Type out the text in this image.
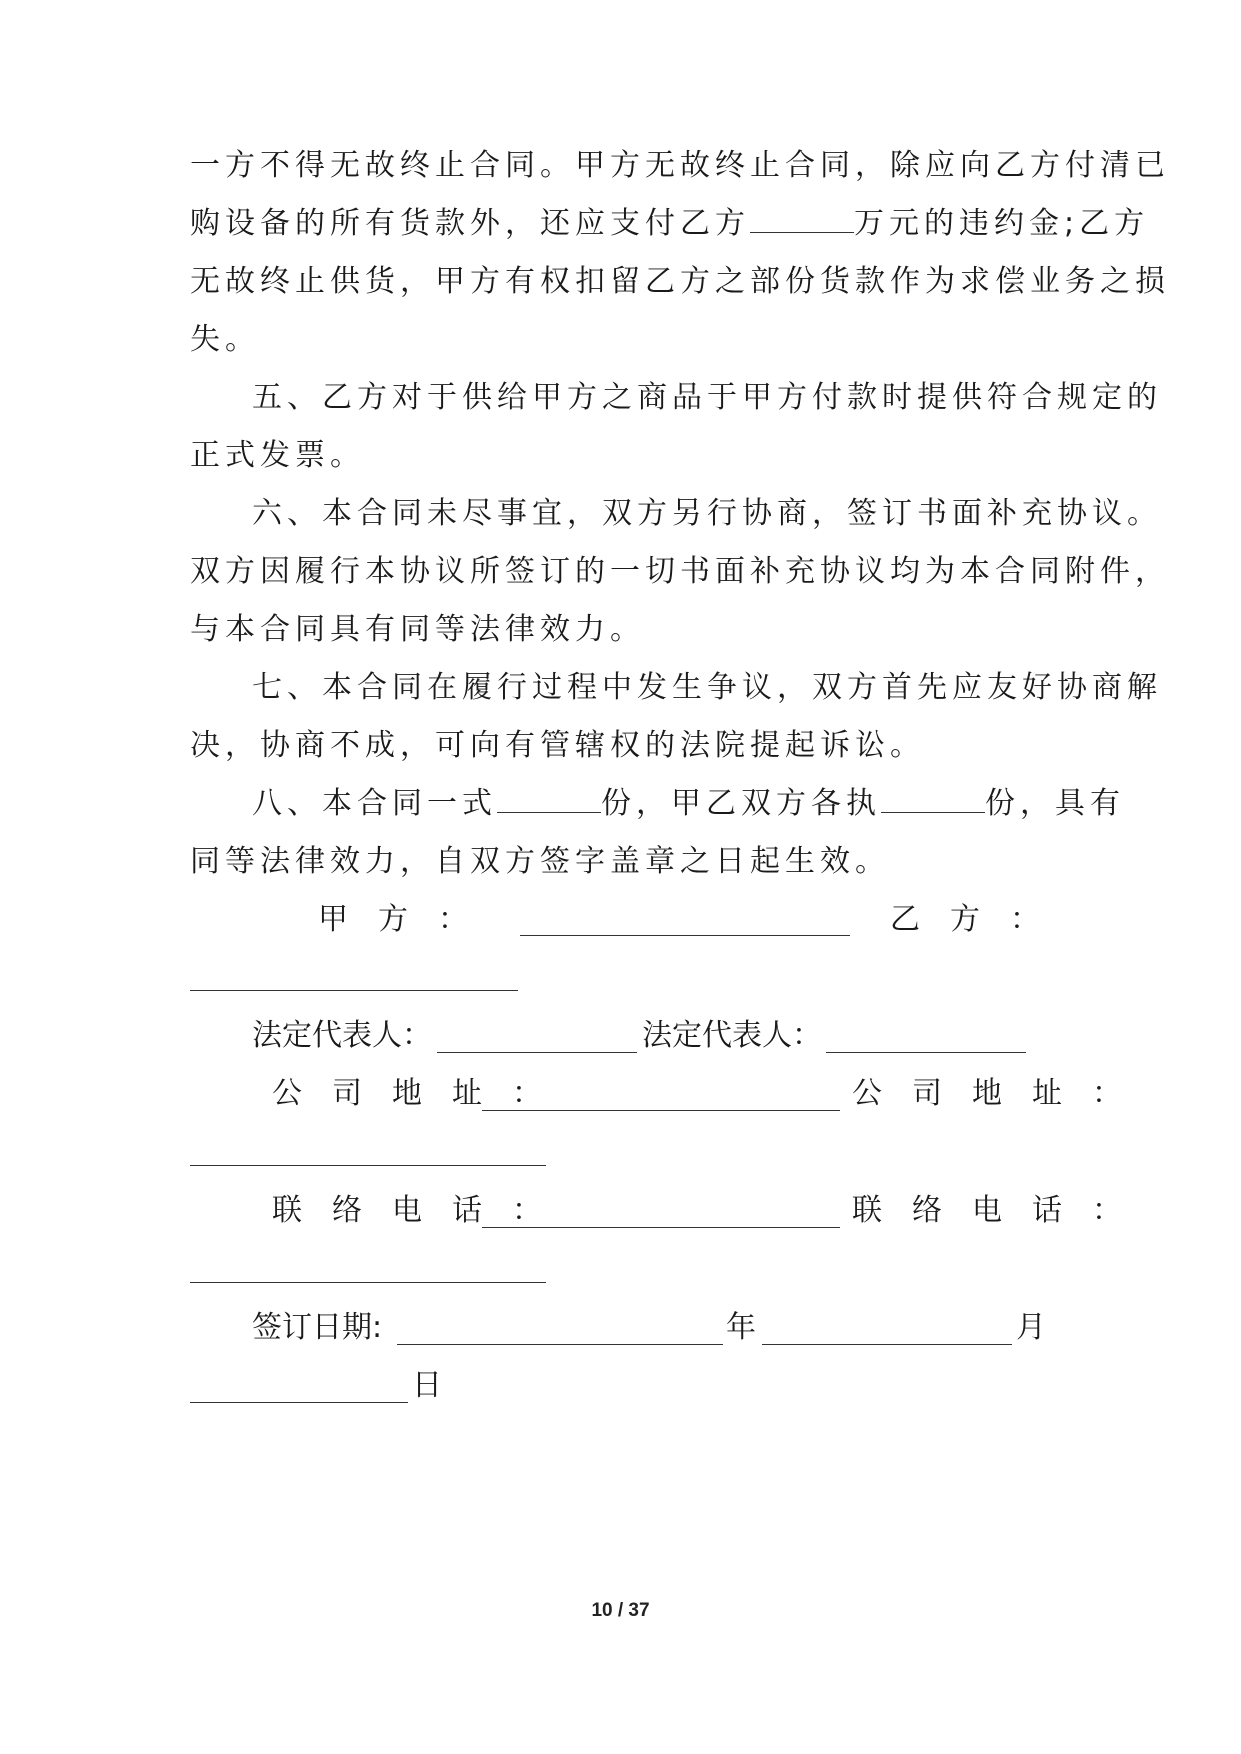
一方不得无故终止合同。甲方无故终止合同，除应向乙方付清已
购设备的所有货款外，还应支付乙方	万元的违约金;乙方
无故终止供货，甲方有权扣留乙方之部份货款作为求偿业务之损
失。
五、乙方对于供给甲方之商品于甲方付款时提供符合规定的
正式发票。
六、本合同未尽事宜，双方另行协商，签订书面补充协议。
双方因履行本协议所签订的一切书面补充协议均为本合同附件，
与本合同具有同等法律效力。
七、本合同在履行过程中发生争议，双方首先应友好协商解
决，协商不成，可向有管辖权的法院提起诉讼。
八、本合同一式	份，甲乙双方各执	份，具有
同等法律效力，自双方签字盖章之日起生效。
甲　方　：	乙　方　：
法定代表人：	法定代表人：
公　司　地　址　：	公　司　地　址　：
联　络　电　话　：	联　络　电　话　：
签订日期:	年	月
日
10 / 37
